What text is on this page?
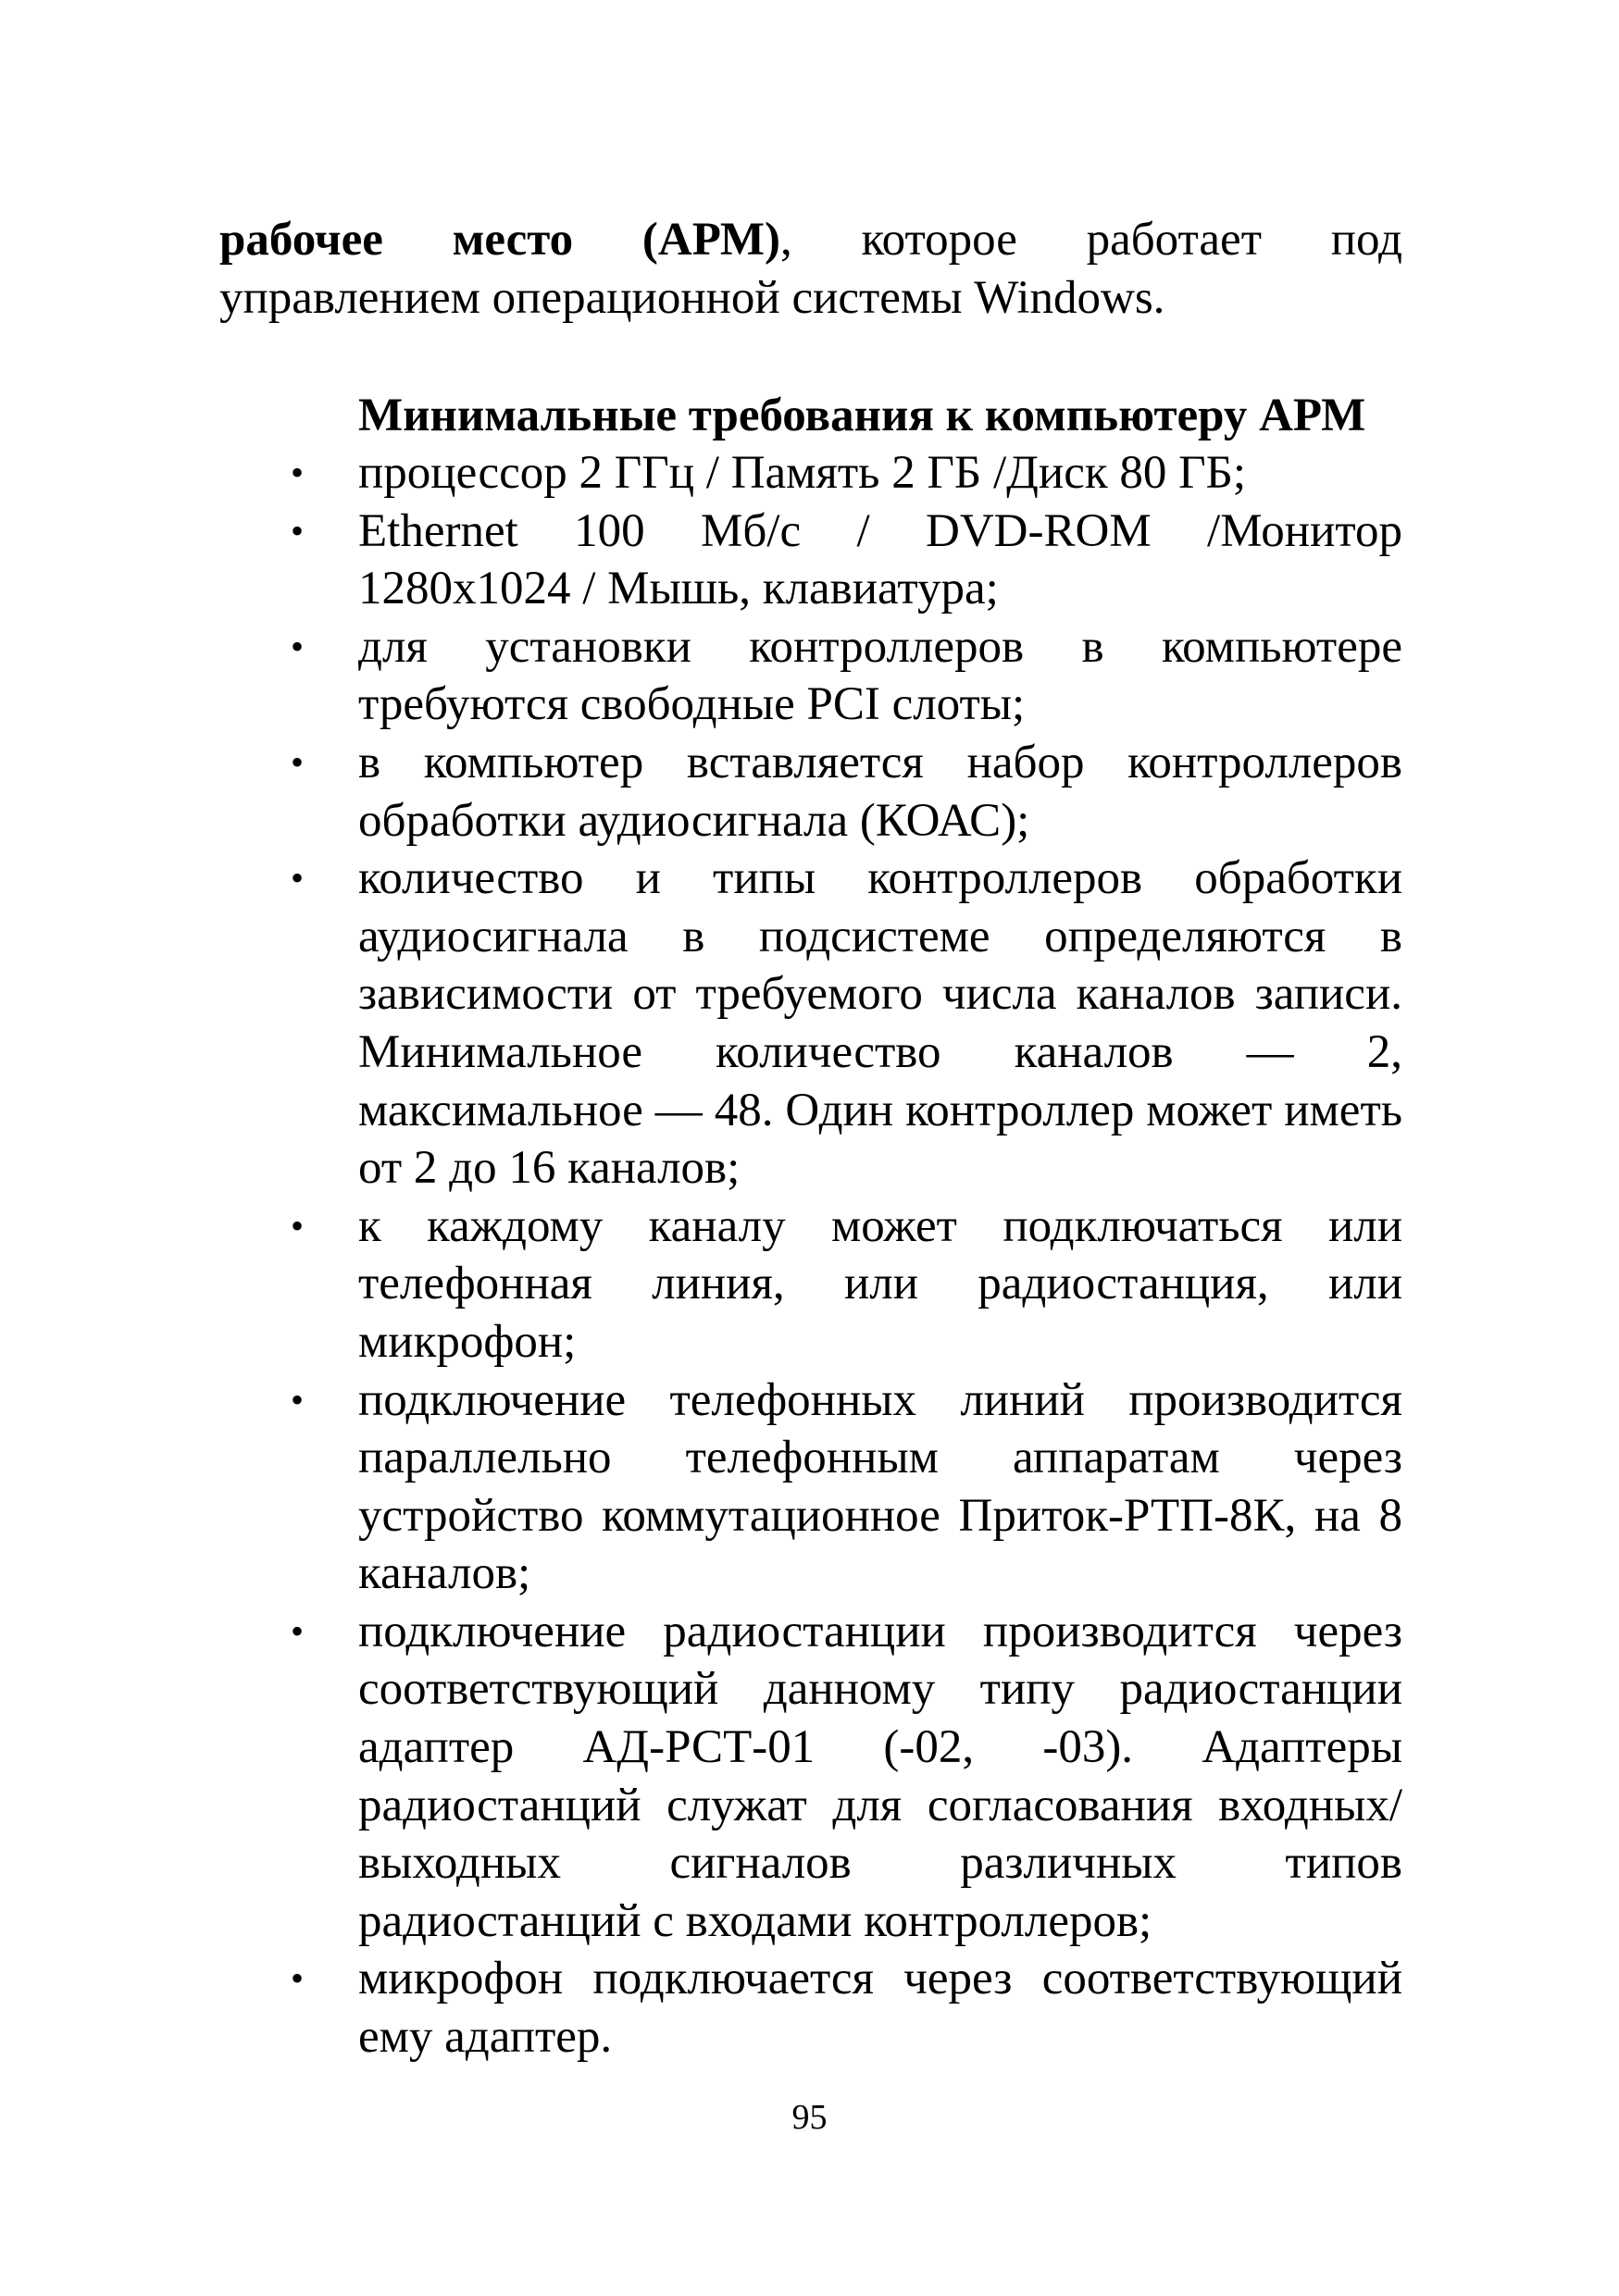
рабочее место (АРМ), которое работает под
управлением операционной системы Windows.

Минимальные требования к компьютеру АРМ
• процессор 2 ГГц / Память 2 ГБ /Диск 80 ГБ;
• Ethernet 100 Мб/с / DVD-ROM /Монитор 1280x1024 / Мышь, клавиатура;
• для установки контроллеров в компьютере требуются свободные PCI слоты;
• в компьютер вставляется набор контроллеров обработки аудиосигнала (КОАС);
• количество и типы контроллеров обработки аудиосигнала в подсистеме определяются в зависимости от требуемого числа каналов записи. Минимальное количество каналов — 2, максимальное — 48. Один контроллер может иметь от 2 до 16 каналов;
• к каждому каналу может подключаться или телефонная линия, или радиостанция, или микрофон;
• подключение телефонных линий производится параллельно телефонным аппаратам через устройство коммутационное Приток-РТП-8К, на 8 каналов;
• подключение радиостанции производится через соответствующий данному типу радиостанции адаптер АД-РСТ-01 (-02, -03). Адаптеры радиостанций служат для согласования входных/выходных сигналов различных типов радиостанций с входами контроллеров;
• микрофон подключается через соответствующий ему адаптер.
95
